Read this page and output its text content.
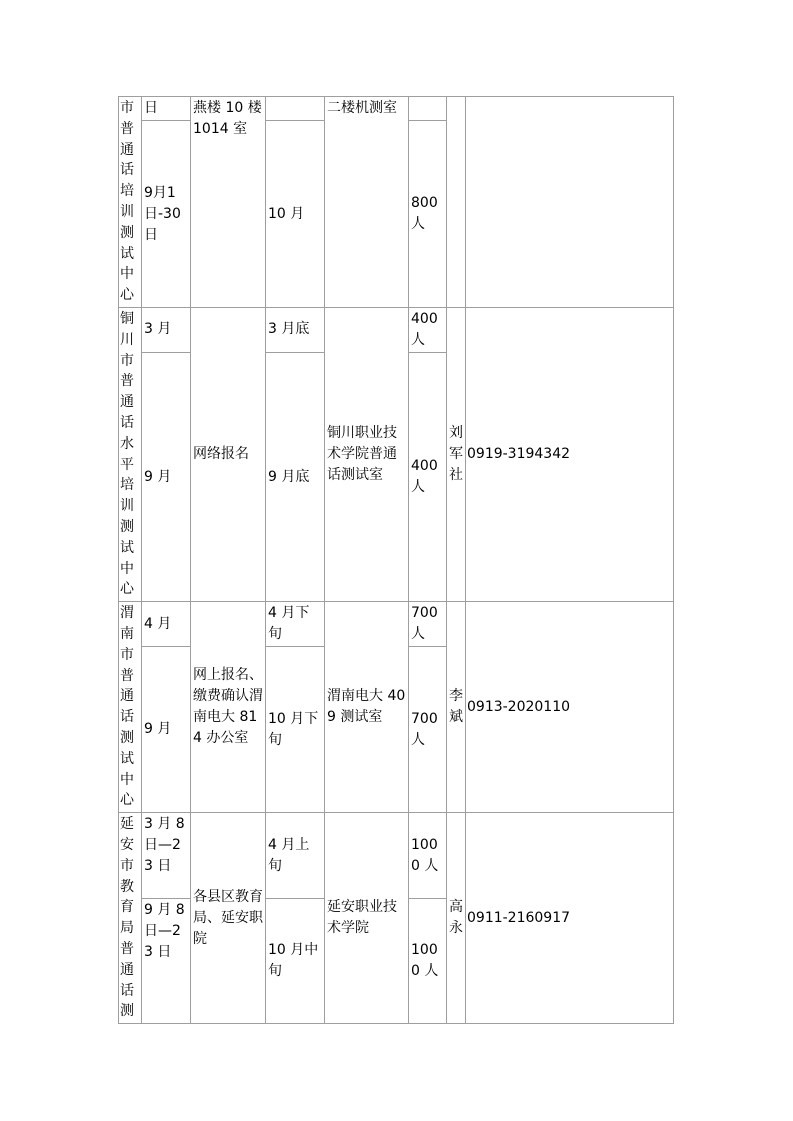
市普通话培训测试中心	日	燕楼 10 楼 1014 室		二楼机测室			
	9月1日-30日		10 月		800 人		
铜川市普通话水平培训测试中心	3 月	网络报名	3 月底	铜川职业技术学院普通话测试室	400 人	刘军社	0919-3194342
	9 月		9 月底		400 人		
渭南市普通话测试中心	4 月	网上报名、缴费确认渭南电大 814 办公室	4 月下旬	渭南电大 409 测试室	700 人	李斌	0913-2020110
	9 月		10 月下旬		700 人		
延安市教育局普通话测	3 月 8 日—23 日	各县区教育局、延安职院	4 月上旬	延安职业技术学院	1000 人	高永	0911-2160917
	9 月 8 日—23 日		10 月中旬		1000 人		
